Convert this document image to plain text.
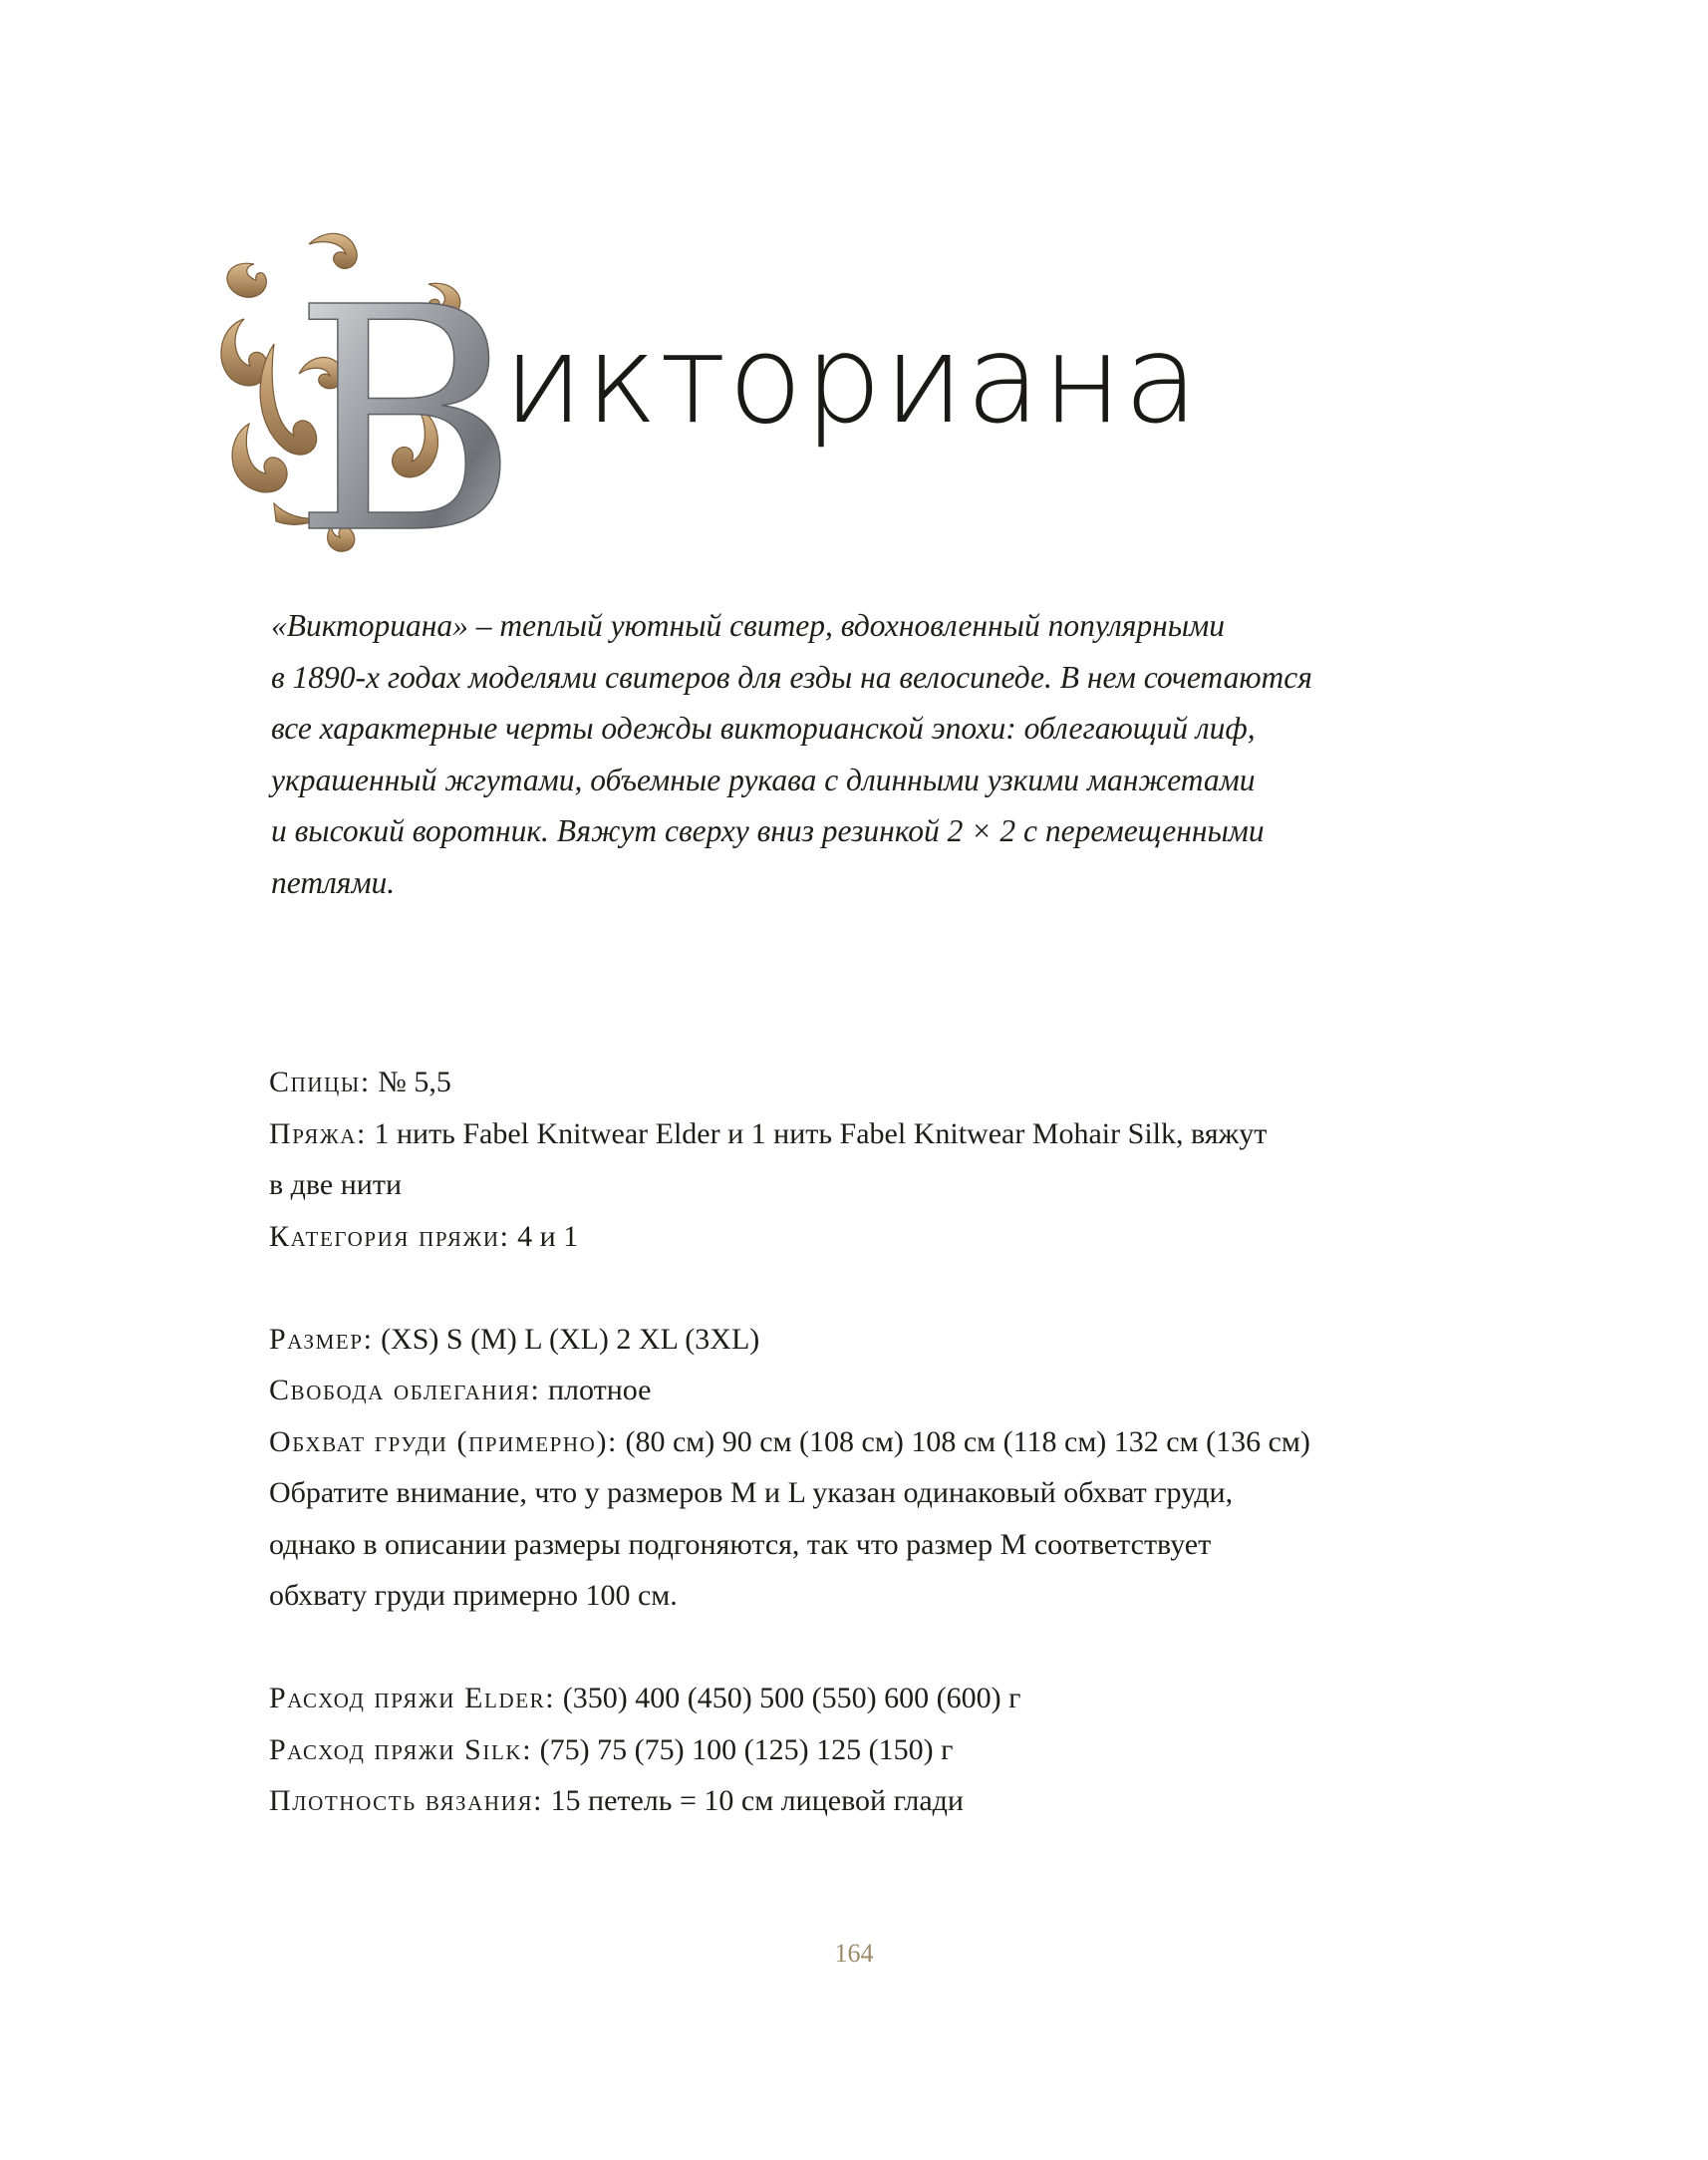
В
икториана
«Викториана» – теплый уютный свитер, вдохновленный популярными
в 1890-х годах моделями свитеров для езды на велосипеде. В нем сочетаются
все характерные черты одежды викторианской эпохи: облегающий лиф,
украшенный жгутами, объемные рукава с длинными узкими манжетами
и высокий воротник. Вяжут сверху вниз резинкой 2 × 2 с перемещенными
петлями.
Спицы: № 5,5
Пряжа: 1 нить Fabel Knitwear Elder и 1 нить Fabel Knitwear Mohair Silk, вяжут
в две нити
Категория пряжи: 4 и 1
Размер: (XS) S (M) L (XL) 2 XL (3XL)
Свобода облегания: плотное
Обхват груди (примерно): (80 см) 90 см (108 см) 108 см (118 см) 132 см (136 см)
Обратите внимание, что у размеров M и L указан одинаковый обхват груди,
однако в описании размеры подгоняются, так что размер M соответствует
обхвату груди примерно 100 см.
Расход пряжи Elder: (350) 400 (450) 500 (550) 600 (600) г
Расход пряжи Silk: (75) 75 (75) 100 (125) 125 (150) г
Плотность вязания: 15 петель = 10 см лицевой глади
164
